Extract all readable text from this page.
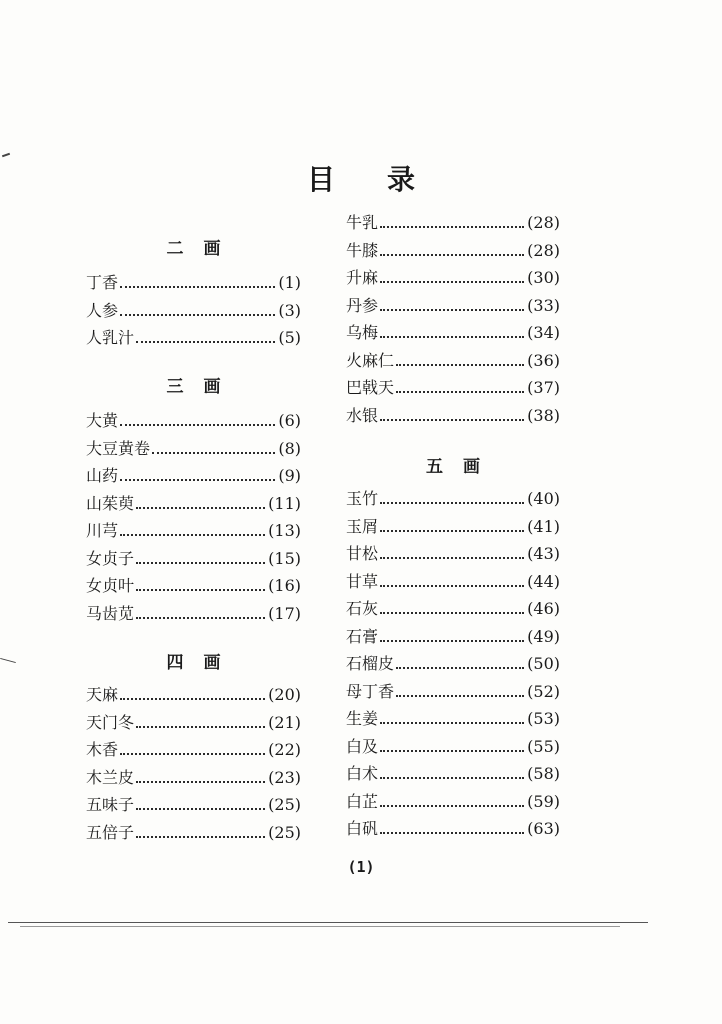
目 录
二 画
丁香	(1)
人参	(3)
人乳汁	(5)
三 画
大黄	(6)
大豆黄卷	(8)
山药	(9)
山茱萸	(11)
川芎	(13)
女贞子	(15)
女贞叶	(16)
马齿苋	(17)
四 画
天麻	(20)
天门冬	(21)
木香	(22)
木兰皮	(23)
五味子	(25)
五倍子	(25)
牛乳	(28)
牛膝	(28)
升麻	(30)
丹参	(33)
乌梅	(34)
火麻仁	(36)
巴戟天	(37)
水银	(38)
五 画
玉竹	(40)
玉屑	(41)
甘松	(43)
甘草	(44)
石灰	(46)
石膏	(49)
石榴皮	(50)
母丁香	(52)
生姜	(53)
白及	(55)
白术	(58)
白芷	(59)
白矾	(63)
(1)
